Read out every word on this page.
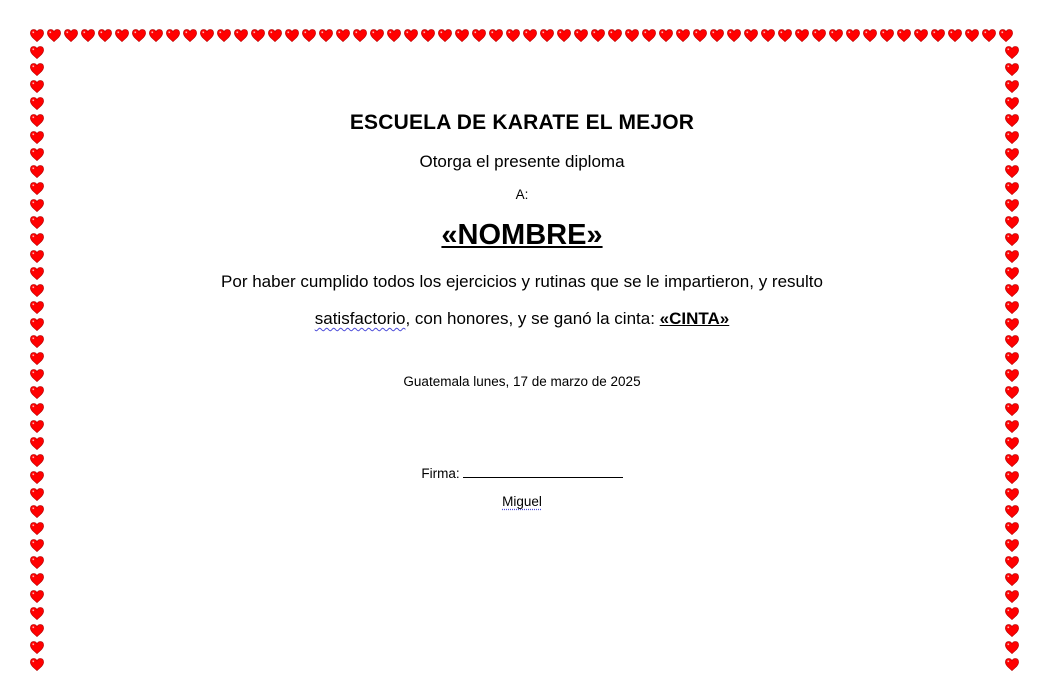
ESCUELA DE KARATE EL MEJOR
Otorga el presente diploma
A:
«NOMBRE»
Por haber cumplido todos los ejercicios y rutinas que se le impartieron, y resulto
satisfactorio, con honores, y se ganó la cinta: «CINTA»
Guatemala lunes, 17 de marzo de 2025
Firma:
Miguel
